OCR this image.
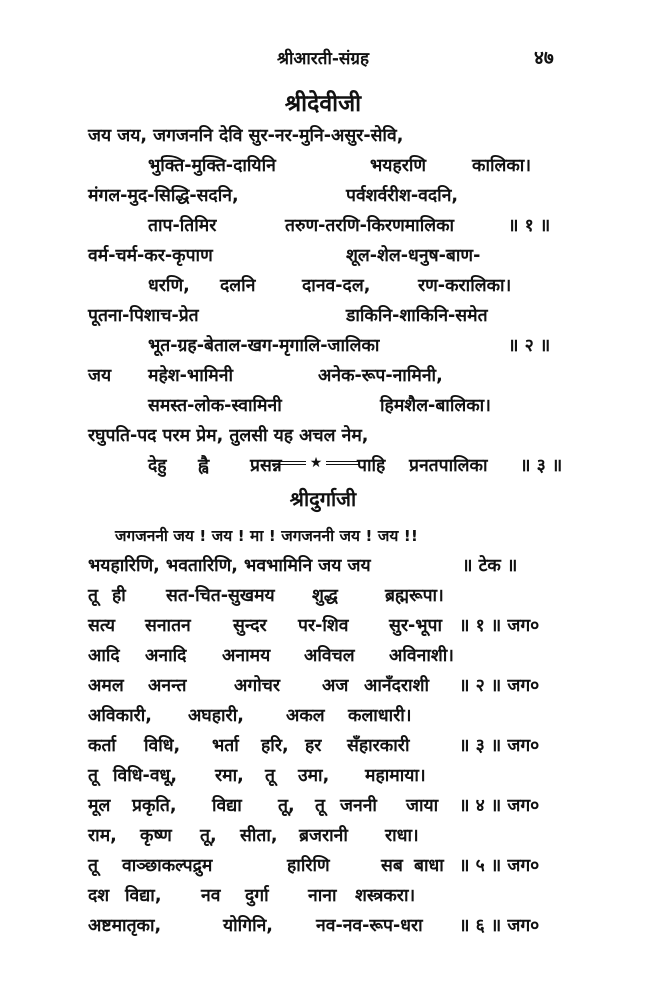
श्रीआरती-संग्रह	४७
श्रीदेवीजी
जय जय, जगजननि देवि सुर-नर-मुनि-असुर-सेवि,
भुक्ति-मुक्ति-दायिनि	भयहरणि	कालिका।
मंगल-मुद-सिद्धि-सदनि,	पर्वशर्वरीश-वदनि,
ताप-तिमिर	तरुण-तरणि-किरणमालिका	॥ १ ॥
वर्म-चर्म-कर-कृपाण	शूल-शेल-धनुष-बाण-
धरणि, दलनि	दानव-दल,	रण-करालिका।
पूतना-पिशाच-प्रेत	डाकिनि-शाकिनि-समेत
भूत-ग्रह-बेताल-खग-मृगालि-जालिका	॥ २ ॥
जय महेश-भामिनी	अनेक-रूप-नामिनी,
समस्त-लोक-स्वामिनी	हिमशैल-बालिका।
रघुपति-पद परम प्रेम, तुलसी यह अचल नेम,
देहु ह्वै प्रसन्न	पाहि प्रनतपालिका ॥ ३ ॥
★
श्रीदुर्गाजी
जगजननी जय ! जय ! मा ! जगजननी जय ! जय !!
भयहारिणि, भवतारिणि, भवभामिनि जय जय	॥ टेक ॥
तू ही सत-चित-सुखमय शुद्ध	ब्रह्मरूपा।
सत्य सनातन सुन्दर पर-शिव सुर-भूपा ॥ १ ॥ जग०
आदि अनादि अनामय अविचल अविनाशी।
अमल अनन्त	अगोचर अज आनँदराशी ॥ २ ॥ जग०
अविकारी, अघहारी, अकल कलाधारी।
कर्ता विधि, भर्ता हरि, हर सँहारकारी	॥ ३ ॥ जग०
तू विधि-वधू, रमा, तू उमा, महामाया।
मूल प्रकृति, विद्या तू, तू जननी जाया ॥ ४ ॥ जग०
राम, कृष्ण तू, सीता, ब्रजरानी राधा।
तू वाञ्छाकल्पद्रुम	हारिणि	सब बाधा ॥ ५ ॥ जग०
दश विद्या, नव दुर्गा नाना शस्त्रकरा।
अष्टमातृका,	योगिनि, नव-नव-रूप-धरा ॥ ६ ॥ जग०
